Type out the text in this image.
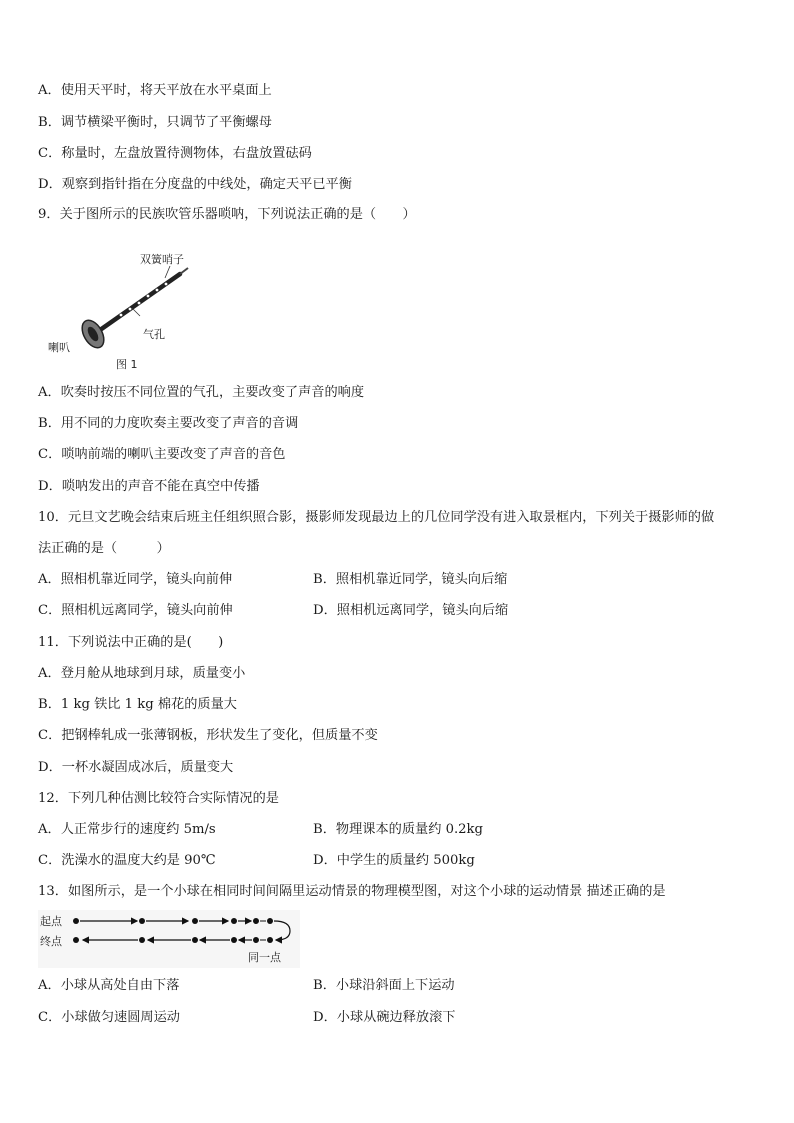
A．使用天平时，将天平放在水平桌面上
B．调节横梁平衡时，只调节了平衡螺母
C．称量时，左盘放置待测物体，右盘放置砝码
D．观察到指针指在分度盘的中线处，确定天平已平衡
9．关于图所示的民族吹管乐器唢呐，下列说法正确的是（　　）
双簧哨子
气孔
喇叭
图 1
A．吹奏时按压不同位置的气孔，主要改变了声音的响度
B．用不同的力度吹奏主要改变了声音的音调
C．唢呐前端的喇叭主要改变了声音的音色
D．唢呐发出的声音不能在真空中传播
10．元旦文艺晚会结束后班主任组织照合影，摄影师发现最边上的几位同学没有进入取景框内，下列关于摄影师的做
法正确的是（　　　）
A．照相机靠近同学，镜头向前伸	B．照相机靠近同学，镜头向后缩
C．照相机远离同学，镜头向前伸	D．照相机远离同学，镜头向后缩
11．下列说法中正确的是(　　)
A．登月舱从地球到月球，质量变小
B．1 kg 铁比 1 kg 棉花的质量大
C．把钢棒轧成一张薄钢板，形状发生了变化，但质量不变
D．一杯水凝固成冰后，质量变大
12．下列几种估测比较符合实际情况的是
A．人正常步行的速度约 5m/s	B．物理课本的质量约 0.2kg
C．洗澡水的温度大约是 90℃	D．中学生的质量约 500kg
13．如图所示，是一个小球在相同时间间隔里运动情景的物理模型图，对这个小球的运动情景 描述正确的是
起点
终点
同一点
A．小球从高处自由下落	B．小球沿斜面上下运动
C．小球做匀速圆周运动	D．小球从碗边释放滚下
